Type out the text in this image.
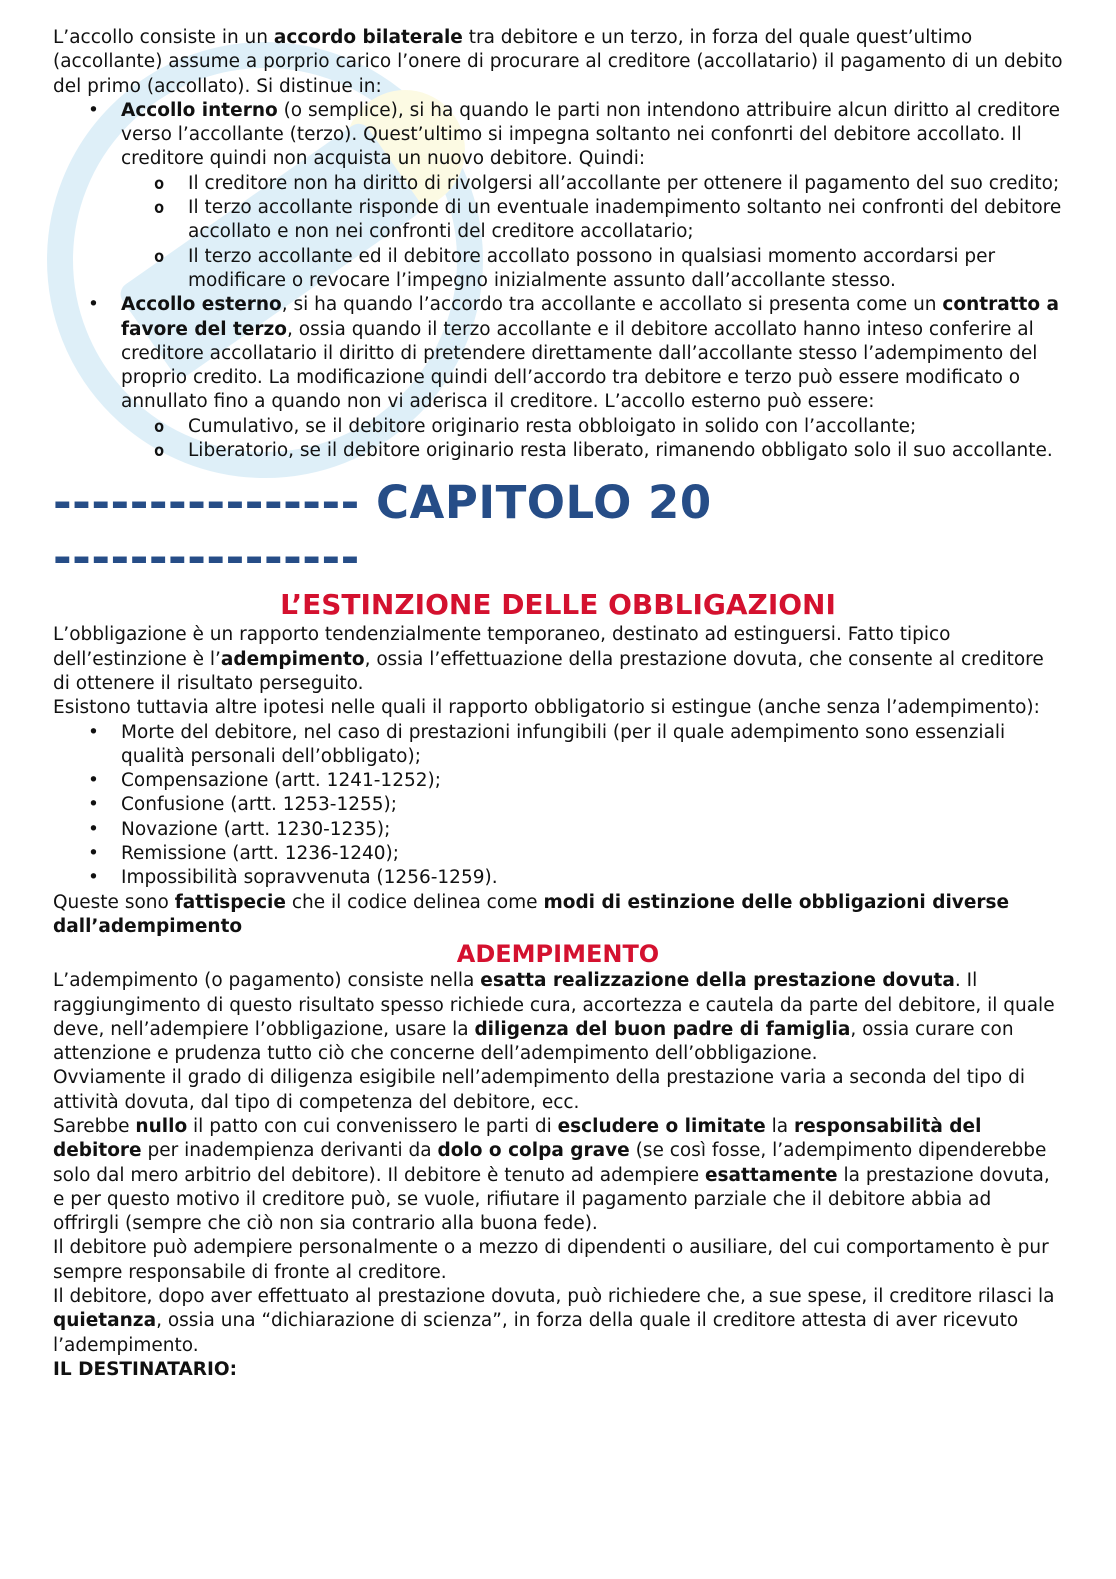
L’accollo consiste in un accordo bilaterale tra debitore e un terzo, in forza del quale quest’ultimo (accollante) assume a porprio carico l’onere di procurare al creditore (accollatario) il pagamento di un debito del primo (accollato). Si distinue in:

• Accollo interno (o semplice), si ha quando le parti non intendono attribuire alcun diritto al creditore verso l’accollante (terzo). Quest’ultimo si impegna soltanto nei confonrti del debitore accollato. Il creditore quindi non acquista un nuovo debitore. Quindi:
o Il creditore non ha diritto di rivolgersi all’accollante per ottenere il pagamento del suo credito;
o Il terzo accollante risponde di un eventuale inadempimento soltanto nei confronti del debitore accollato e non nei confronti del creditore accollatario;
o Il terzo accollante ed il debitore accollato possono in qualsiasi momento accordarsi per modificare o revocare l’impegno inizialmente assunto dall’accollante stesso.
• Accollo esterno, si ha quando l’accordo tra accollante e accollato si presenta come un contratto a favore del terzo, ossia quando il terzo accollante e il debitore accollato hanno inteso conferire al creditore accollatario il diritto di pretendere direttamente dall’accollante stesso l’adempimento del proprio credito. La modificazione quindi dell’accordo tra debitore e terzo può essere modificato o annullato fino a quando non vi aderisca il creditore. L’accollo esterno può essere:
o Cumulativo, se il debitore originario resta obbloigato in solido con l’accollante;
o Liberatorio, se il debitore originario resta liberato, rimanendo obbligato solo il suo accollante.
---------------- CAPITOLO 20
----------------
L’ESTINZIONE DELLE OBBLIGAZIONI

L’obbligazione è un rapporto tendenzialmente temporaneo, destinato ad estinguersi. Fatto tipico dell’estinzione è l’adempimento, ossia l’effettuazione della prestazione dovuta, che consente al creditore di ottenere il risultato perseguito.

Esistono tuttavia altre ipotesi nelle quali il rapporto obbligatorio si estingue (anche senza l’adempimento):

• Morte del debitore, nel caso di prestazioni infungibili (per il quale adempimento sono essenziali qualità personali dell’obbligato);
• Compensazione (artt. 1241-1252);
• Confusione (artt. 1253-1255);
• Novazione (artt. 1230-1235);
• Remissione (artt. 1236-1240);
• Impossibilità sopravvenuta (1256-1259).

Queste sono fattispecie che il codice delinea come modi di estinzione delle obbligazioni diverse dall’adempimento

ADEMPIMENTO

L’adempimento (o pagamento) consiste nella esatta realizzazione della prestazione dovuta. Il raggiungimento di questo risultato spesso richiede cura, accortezza e cautela da parte del debitore, il quale deve, nell’adempiere l’obbligazione, usare la diligenza del buon padre di famiglia, ossia curare con attenzione e prudenza tutto ciò che concerne dell’adempimento dell’obbligazione.

Ovviamente il grado di diligenza esigibile nell’adempimento della prestazione varia a seconda del tipo di attività dovuta, dal tipo di competenza del debitore, ecc.

Sarebbe nullo il patto con cui convenissero le parti di escludere o limitate la responsabilità del debitore per inadempienza derivanti da dolo o colpa grave (se così fosse, l’adempimento dipenderebbe solo dal mero arbitrio del debitore). Il debitore è tenuto ad adempiere esattamente la prestazione dovuta, e per questo motivo il creditore può, se vuole, rifiutare il pagamento parziale che il debitore abbia ad offrirgli (sempre che ciò non sia contrario alla buona fede).

Il debitore può adempiere personalmente o a mezzo di dipendenti o ausiliare, del cui comportamento è pur sempre responsabile di fronte al creditore.

Il debitore, dopo aver effettuato al prestazione dovuta, può richiedere che, a sue spese, il creditore rilasci la quietanza, ossia una “dichiarazione di scienza”, in forza della quale il creditore attesta di aver ricevuto l’adempimento.

IL DESTINATARIO:
